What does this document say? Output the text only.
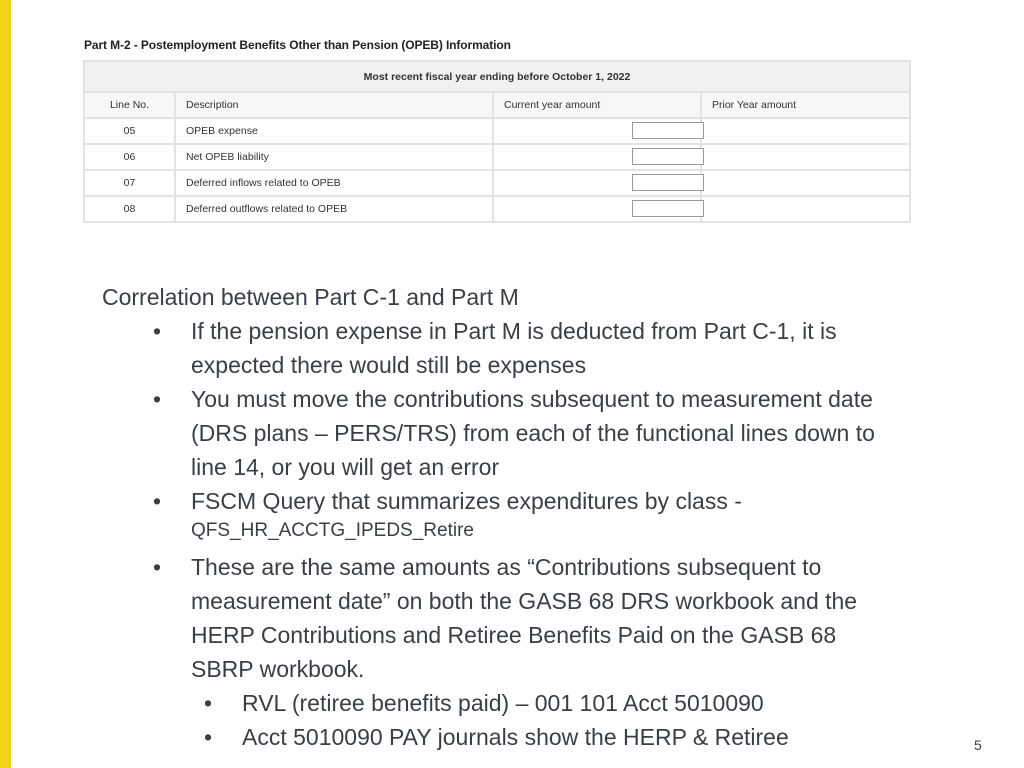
Part M-2 - Postemployment Benefits Other than Pension (OPEB) Information
Most recent fiscal year ending before October 1, 2022			
Line No.	Description	Current year amount	Prior Year amount
05	OPEB expense	

06	Net OPEB liability	

07	Deferred inflows related to OPEB	

08	Deferred outflows related to OPEB	

Correlation between Part C-1 and Part M

• If the pension expense in Part M is deducted from Part C-1, it is expected there would still be expenses
• You must move the contributions subsequent to measurement date (DRS plans – PERS/TRS) from each of the functional lines down to line 14, or you will get an error
• FSCM Query that summarizes expenditures by class -
QFS_HR_ACCTG_IPEDS_Retire
• These are the same amounts as “Contributions subsequent to measurement date” on both the GASB 68 DRS workbook and the HERP Contributions and Retiree Benefits Paid on the GASB 68 SBRP workbook.
• RVL (retiree benefits paid) – 001 101 Acct 5010090
• Acct 5010090 PAY journals show the HERP & Retiree	5
